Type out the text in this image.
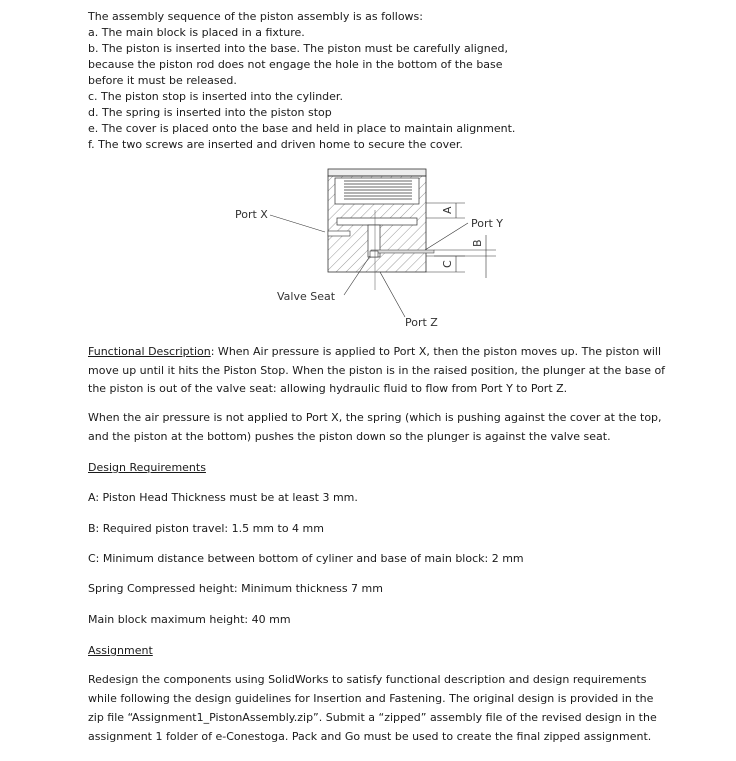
The assembly sequence of the piston assembly is as follows:
a. The main block is placed in a fixture.
b. The piston is inserted into the base. The piston must be carefully aligned,
because the piston rod does not engage the hole in the bottom of the base
before it must be released.
c. The piston stop is inserted into the cylinder.
d. The spring is inserted into the piston stop
e. The cover is placed onto the base and held in place to maintain alignment.
f. The two screws are inserted and driven home to secure the cover.
Port X
Port Y
Valve Seat
Port Z
A
B
C
Functional Description: When Air pressure is applied to Port X, then the piston moves up. The piston will
move up until it hits the Piston Stop. When the piston is in the raised position, the plunger at the base of
the piston is out of the valve seat: allowing hydraulic fluid to flow from Port Y to Port Z.
When the air pressure is not applied to Port X, the spring (which is pushing against the cover at the top,
and the piston at the bottom) pushes the piston down so the plunger is against the valve seat.
Design Requirements
A: Piston Head Thickness must be at least 3 mm.
B: Required piston travel: 1.5 mm to 4 mm
C: Minimum distance between bottom of cyliner and base of main block: 2 mm
Spring Compressed height: Minimum thickness 7 mm
Main block maximum height: 40 mm
Assignment
Redesign the components using SolidWorks to satisfy functional description and design requirements
while following the design guidelines for Insertion and Fastening. The original design is provided in the
zip file “Assignment1_PistonAssembly.zip”. Submit a “zipped” assembly file of the revised design in the
assignment 1 folder of e-Conestoga. Pack and Go must be used to create the final zipped assignment.
